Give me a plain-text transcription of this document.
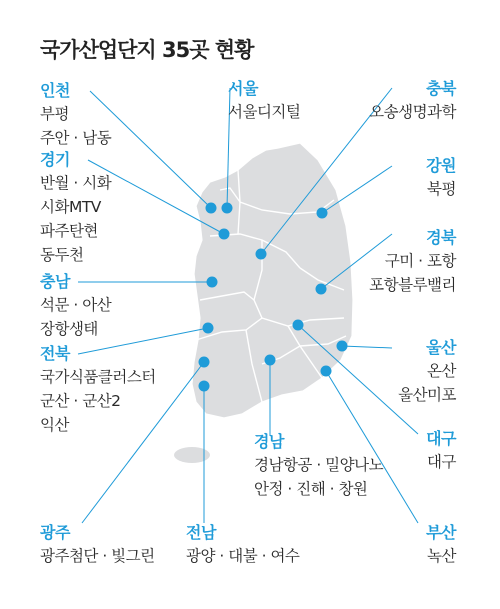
국가산업단지 35곳 현황
인천
부평
주안 · 남동
경기
반월 · 시화
시화MTV
파주탄현
동두천
충남
석문 · 아산
장항생태
전북
국가식품클러스터
군산 · 군산2
익산
광주
광주첨단 · 빛그린
전남
광양 · 대불 · 여수
경남
경남항공 · 밀양나노
안정 · 진해 · 창원
부산
녹산
대구
대구
울산
온산
울산미포
경북
구미 · 포항
포항블루밸리
강원
북평
충북
오송생명과학
서울
서울디지털
